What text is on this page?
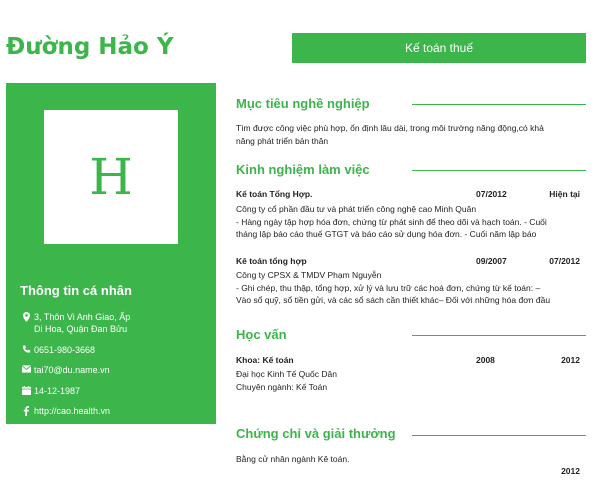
Đường Hảo Ý	Kế toán thuế
H
Thông tin cá nhân
3, Thôn Vi Anh Giao, Ấp
Di Hoa, Quận Đan Bửu
0651-980-3668
tai70@du.name.vn
14-12-1987
http://cao.health.vn
Mục tiêu nghề nghiệp
Tìm được công việc phù hợp, ổn định lâu dài, trong môi trường năng động,có khả
năng phát triển bản thân
Kinh nghiệm làm việc
Kế toán Tổng Hợp.	07/2012	Hiện tại
Công ty cổ phần đầu tư và phát triển công nghệ cao Minh Quân
- Hàng ngày tập hợp hóa đơn, chứng từ phát sinh để theo dõi và hạch toán. - Cuối
tháng lập báo cáo thuế GTGT và báo cáo sử dụng hóa đơn. - Cuối năm lập báo
Kê toán tổng hợp	09/2007	07/2012
Công ty CPSX & TMDV Phạm Nguyễn
- Ghi chép, thu thập, tổng hợp, xử lý và lưu trữ các hoá đơn, chứng từ kế toán: –
Vào sổ quỹ, sổ tiền gửi, và các sổ sách cần thiết khác– Đối với những hóa đơn đầu
Học vấn
Khoa: Kế toán	2008	2012
Đại học Kinh Tế Quốc Dân
Chuyên ngành: Kế Toán
Chứng chỉ và giải thưởng
Bằng cử nhân ngành Kê toán.
2012
